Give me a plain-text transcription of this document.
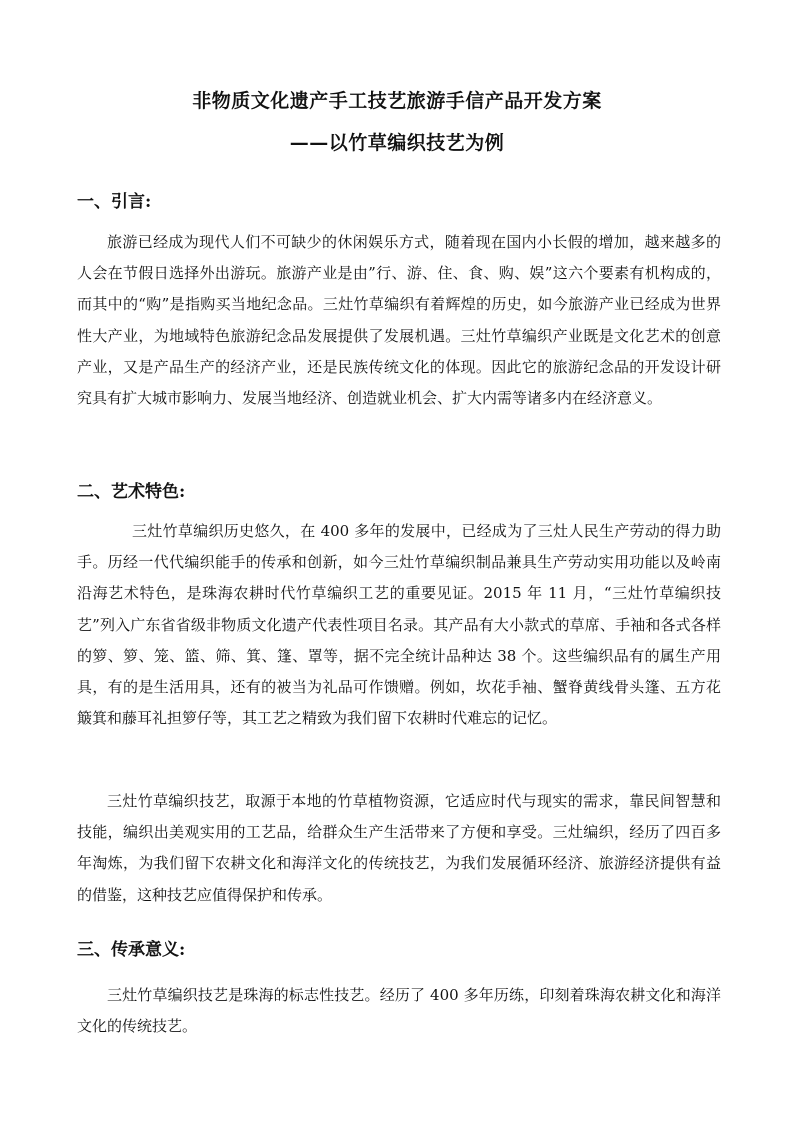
非物质文化遗产手工技艺旅游手信产品开发方案
——以竹草编织技艺为例
一、引言:
旅游已经成为现代人们不可缺少的休闲娱乐方式，随着现在国内小长假的增加，越来越多的人会在节假日选择外出游玩。旅游产业是由”行、游、住、食、购、娱”这六个要素有机构成的，而其中的“购”是指购买当地纪念品。三灶竹草编织有着辉煌的历史，如今旅游产业已经成为世界性大产业，为地域特色旅游纪念品发展提供了发展机遇。三灶竹草编织产业既是文化艺术的创意产业，又是产品生产的经济产业，还是民族传统文化的体现。因此它的旅游纪念品的开发设计研究具有扩大城市影响力、发展当地经济、创造就业机会、扩大内需等诸多内在经济意义。
二、艺术特色:
三灶竹草编织历史悠久，在 400 多年的发展中，已经成为了三灶人民生产劳动的得力助手。历经一代代编织能手的传承和创新，如今三灶竹草编织制品兼具生产劳动实用功能以及岭南沿海艺术特色，是珠海农耕时代竹草编织工艺的重要见证。2015 年 11 月，“三灶竹草编织技艺”列入广东省省级非物质文化遗产代表性项目名录。其产品有大小款式的草席、手袖和各式各样的箩、箩、笼、篮、筛、箕、篷、罩等，据不完全统计品种达 38 个。这些编织品有的属生产用具，有的是生活用具，还有的被当为礼品可作馈赠。例如，坎花手袖、蟹脊黄线骨头篷、五方花簸箕和藤耳礼担箩仔等，其工艺之精致为我们留下农耕时代难忘的记忆。
三灶竹草编织技艺，取源于本地的竹草植物资源，它适应时代与现实的需求，靠民间智慧和技能，编织出美观实用的工艺品，给群众生产生活带来了方便和享受。三灶编织，经历了四百多年淘炼，为我们留下农耕文化和海洋文化的传统技艺，为我们发展循环经济、旅游经济提供有益的借鉴，这种技艺应值得保护和传承。
三、传承意义:
三灶竹草编织技艺是珠海的标志性技艺。经历了 400 多年历练，印刻着珠海农耕文化和海洋文化的传统技艺。
